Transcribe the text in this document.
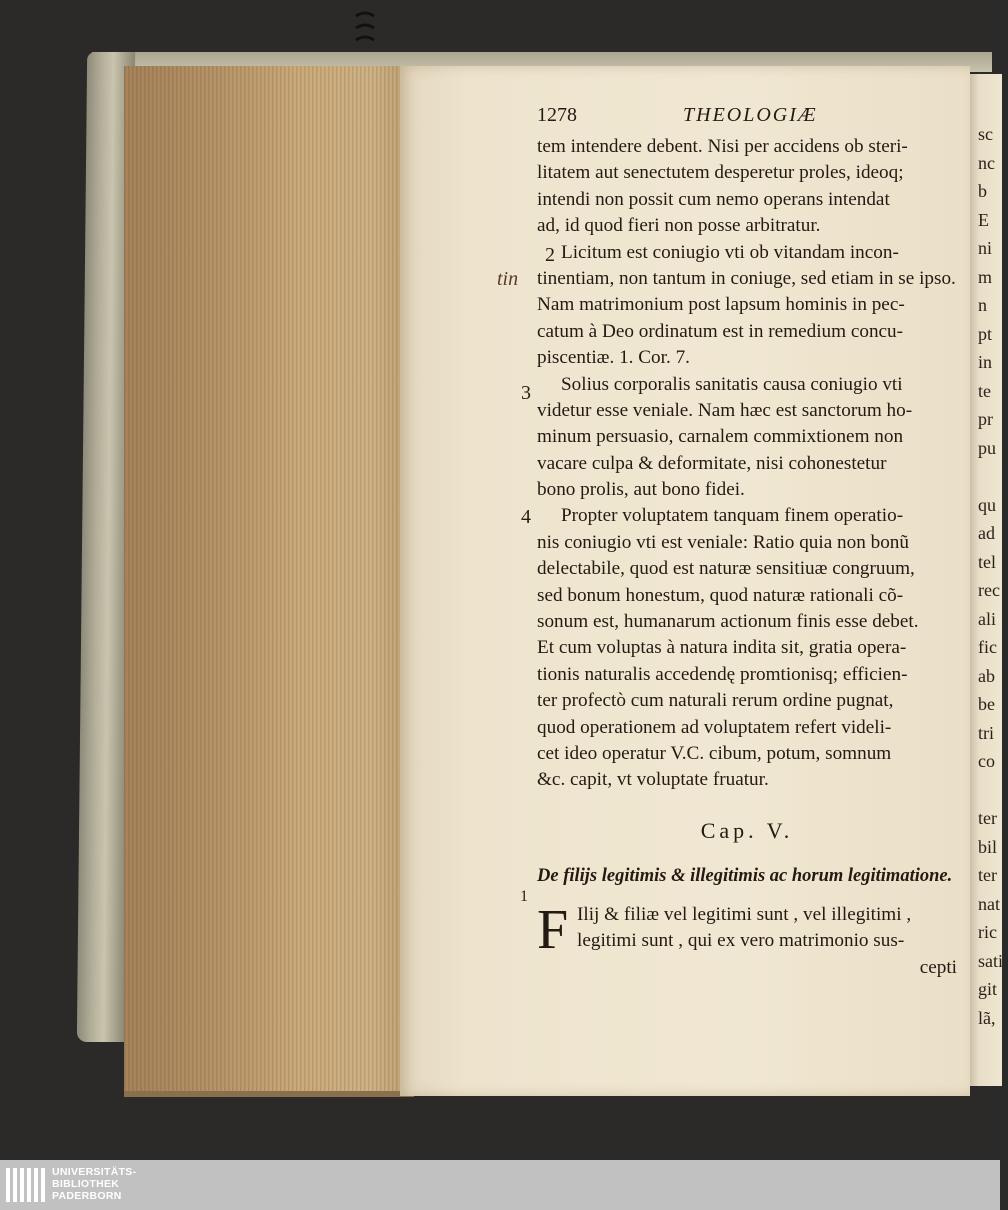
sc
nc
b
E
ni
m
n
pt
in
te
pr
pu
qu
ad
tel
rec
ali
fic
ab
be
tri
co
ter
bil
ter
nat
ric
sati
git
lã,
2
tin
3
4
1
1278	THEOLOGIÆ
tem intendere debent. Nisi per accidens ob steri-
litatem aut senectutem desperetur proles, ideoq;
intendi non possit cum nemo operans intendat
ad, id quod fieri non posse arbitratur.
Licitum est coniugio vti ob vitandam incon-
tinentiam, non tantum in coniuge, sed etiam in se ipso.
Nam matrimonium post lapsum hominis in pec-
catum à Deo ordinatum est in remedium concu-
piscentiæ. 1. Cor. 7.
Solius corporalis sanitatis causa coniugio vti
videtur esse veniale. Nam hæc est sanctorum ho-
minum persuasio, carnalem commixtionem non
vacare culpa & deformitate, nisi cohonestetur
bono prolis, aut bono fidei.
Propter voluptatem tanquam finem operatio-
nis coniugio vti est veniale: Ratio quia non bonũ
delectabile, quod est naturæ sensitiuæ congruum,
sed bonum honestum, quod naturæ rationali cõ-
sonum est, humanarum actionum finis esse debet.
Et cum voluptas à natura indita sit, gratia opera-
tionis naturalis accedendę promtionisq; efficien-
ter profectò cum naturali rerum ordine pugnat,
quod operationem ad voluptatem refert videli-
cet ideo operatur V.C. cibum, potum, somnum
&c. capit, vt voluptate fruatur.
Cap. V.
De filijs legitimis & illegitimis ac horum legitimatione.
F Ilij & filiæ vel legitimi sunt , vel illegitimi ,
legitimi sunt , qui ex vero matrimonio sus-
cepti
UNIVERSITÄTS-
BIBLIOTHEK
PADERBORN
